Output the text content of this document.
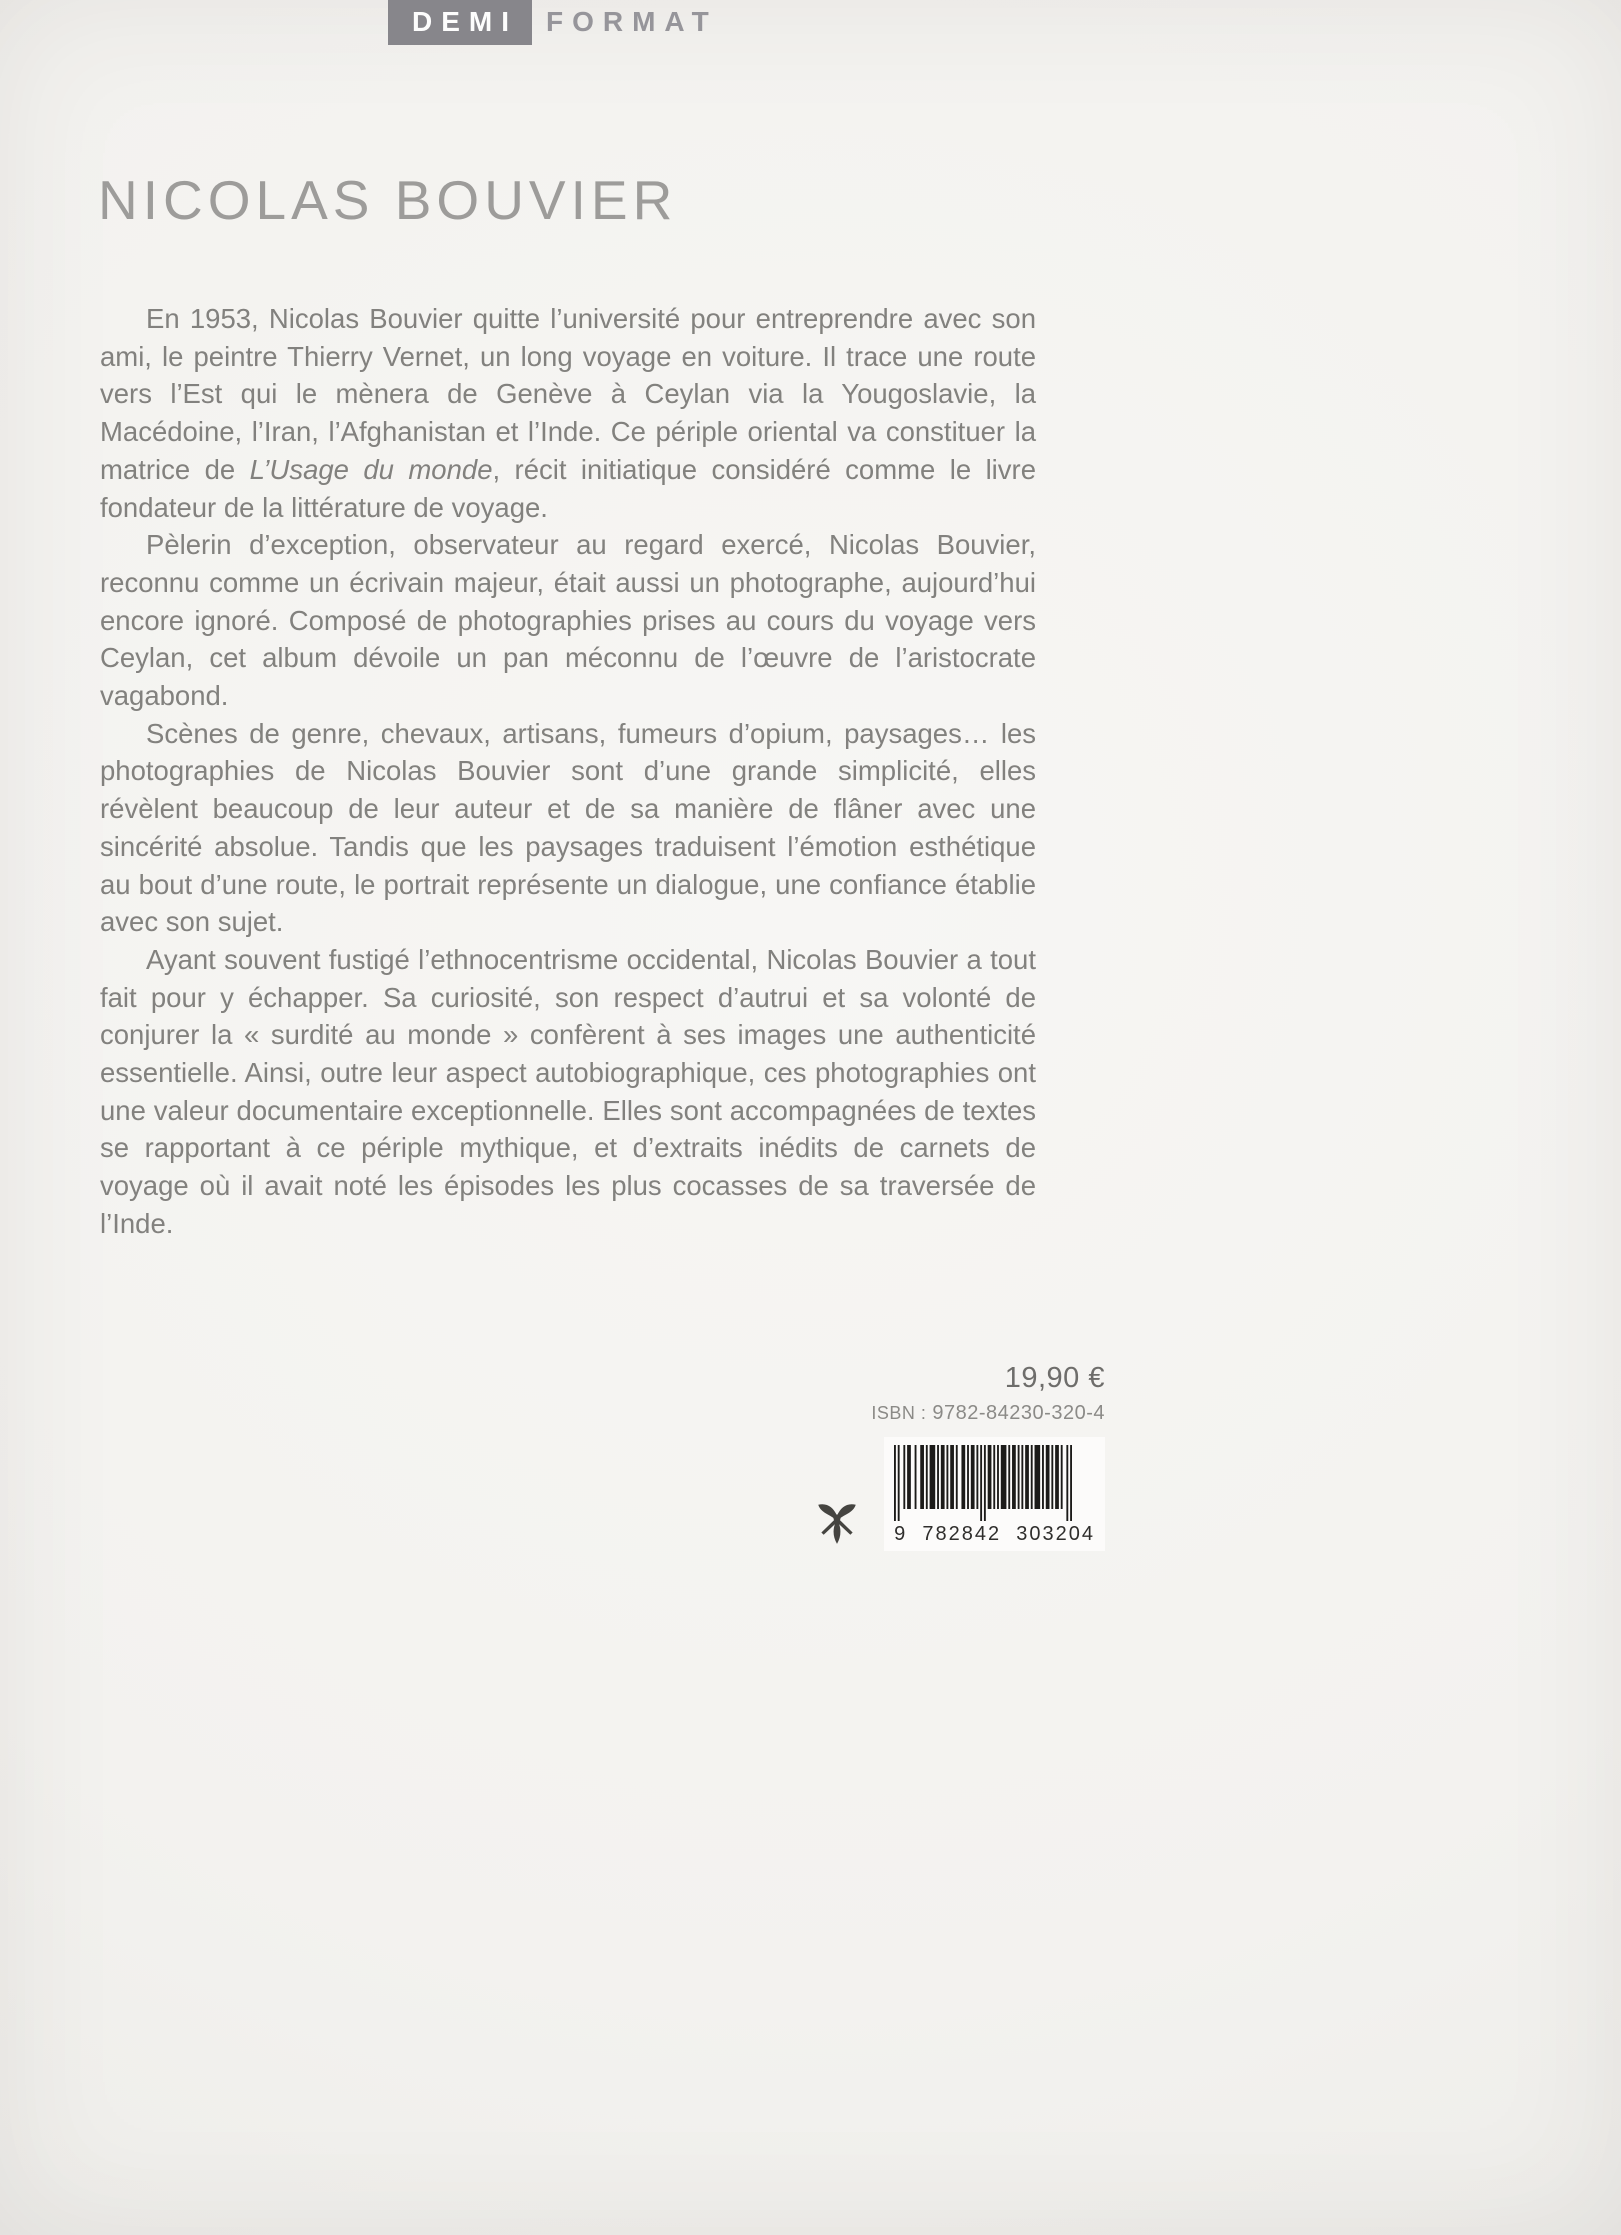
DEMI	FORMAT
NICOLAS BOUVIER

En 1953, Nicolas Bouvier quitte l’université pour entreprendre avec son ami, le peintre Thierry Vernet, un long voyage en voiture. Il trace une route vers l’Est qui le mènera de Genève à Ceylan via la Yougoslavie, la Macédoine, l’Iran, l’Afghanistan et l’Inde. Ce périple oriental va constituer la matrice de L’Usage du monde, récit initiatique considéré comme le livre fondateur de la littérature de voyage.

Pèlerin d’exception, observateur au regard exercé, Nicolas Bouvier, reconnu comme un écrivain majeur, était aussi un photographe, aujourd’hui encore ignoré. Composé de photographies prises au cours du voyage vers Ceylan, cet album dévoile un pan méconnu de l’œuvre de l’aristocrate vagabond.

Scènes de genre, chevaux, artisans, fumeurs d’opium, paysages… les photographies de Nicolas Bouvier sont d’une grande simplicité, elles révèlent beaucoup de leur auteur et de sa manière de flâner avec une sincérité absolue. Tandis que les paysages traduisent l’émotion esthétique au bout d’une route, le portrait représente un dialogue, une confiance établie avec son sujet.

Ayant souvent fustigé l’ethnocentrisme occidental, Nicolas Bouvier a tout fait pour y échapper. Sa curiosité, son respect d’autrui et sa volonté de conjurer la « surdité au monde » confèrent à ses images une authenticité essentielle. Ainsi, outre leur aspect autobiographique, ces photographies ont une valeur documentaire exceptionnelle. Elles sont accompagnées de textes se rapportant à ce périple mythique, et d’extraits inédits de carnets de voyage où il avait noté les épisodes les plus cocasses de sa traversée de l’Inde.

19,90 €
ISBN : 9782-84230-320-4
9  782842  303204
